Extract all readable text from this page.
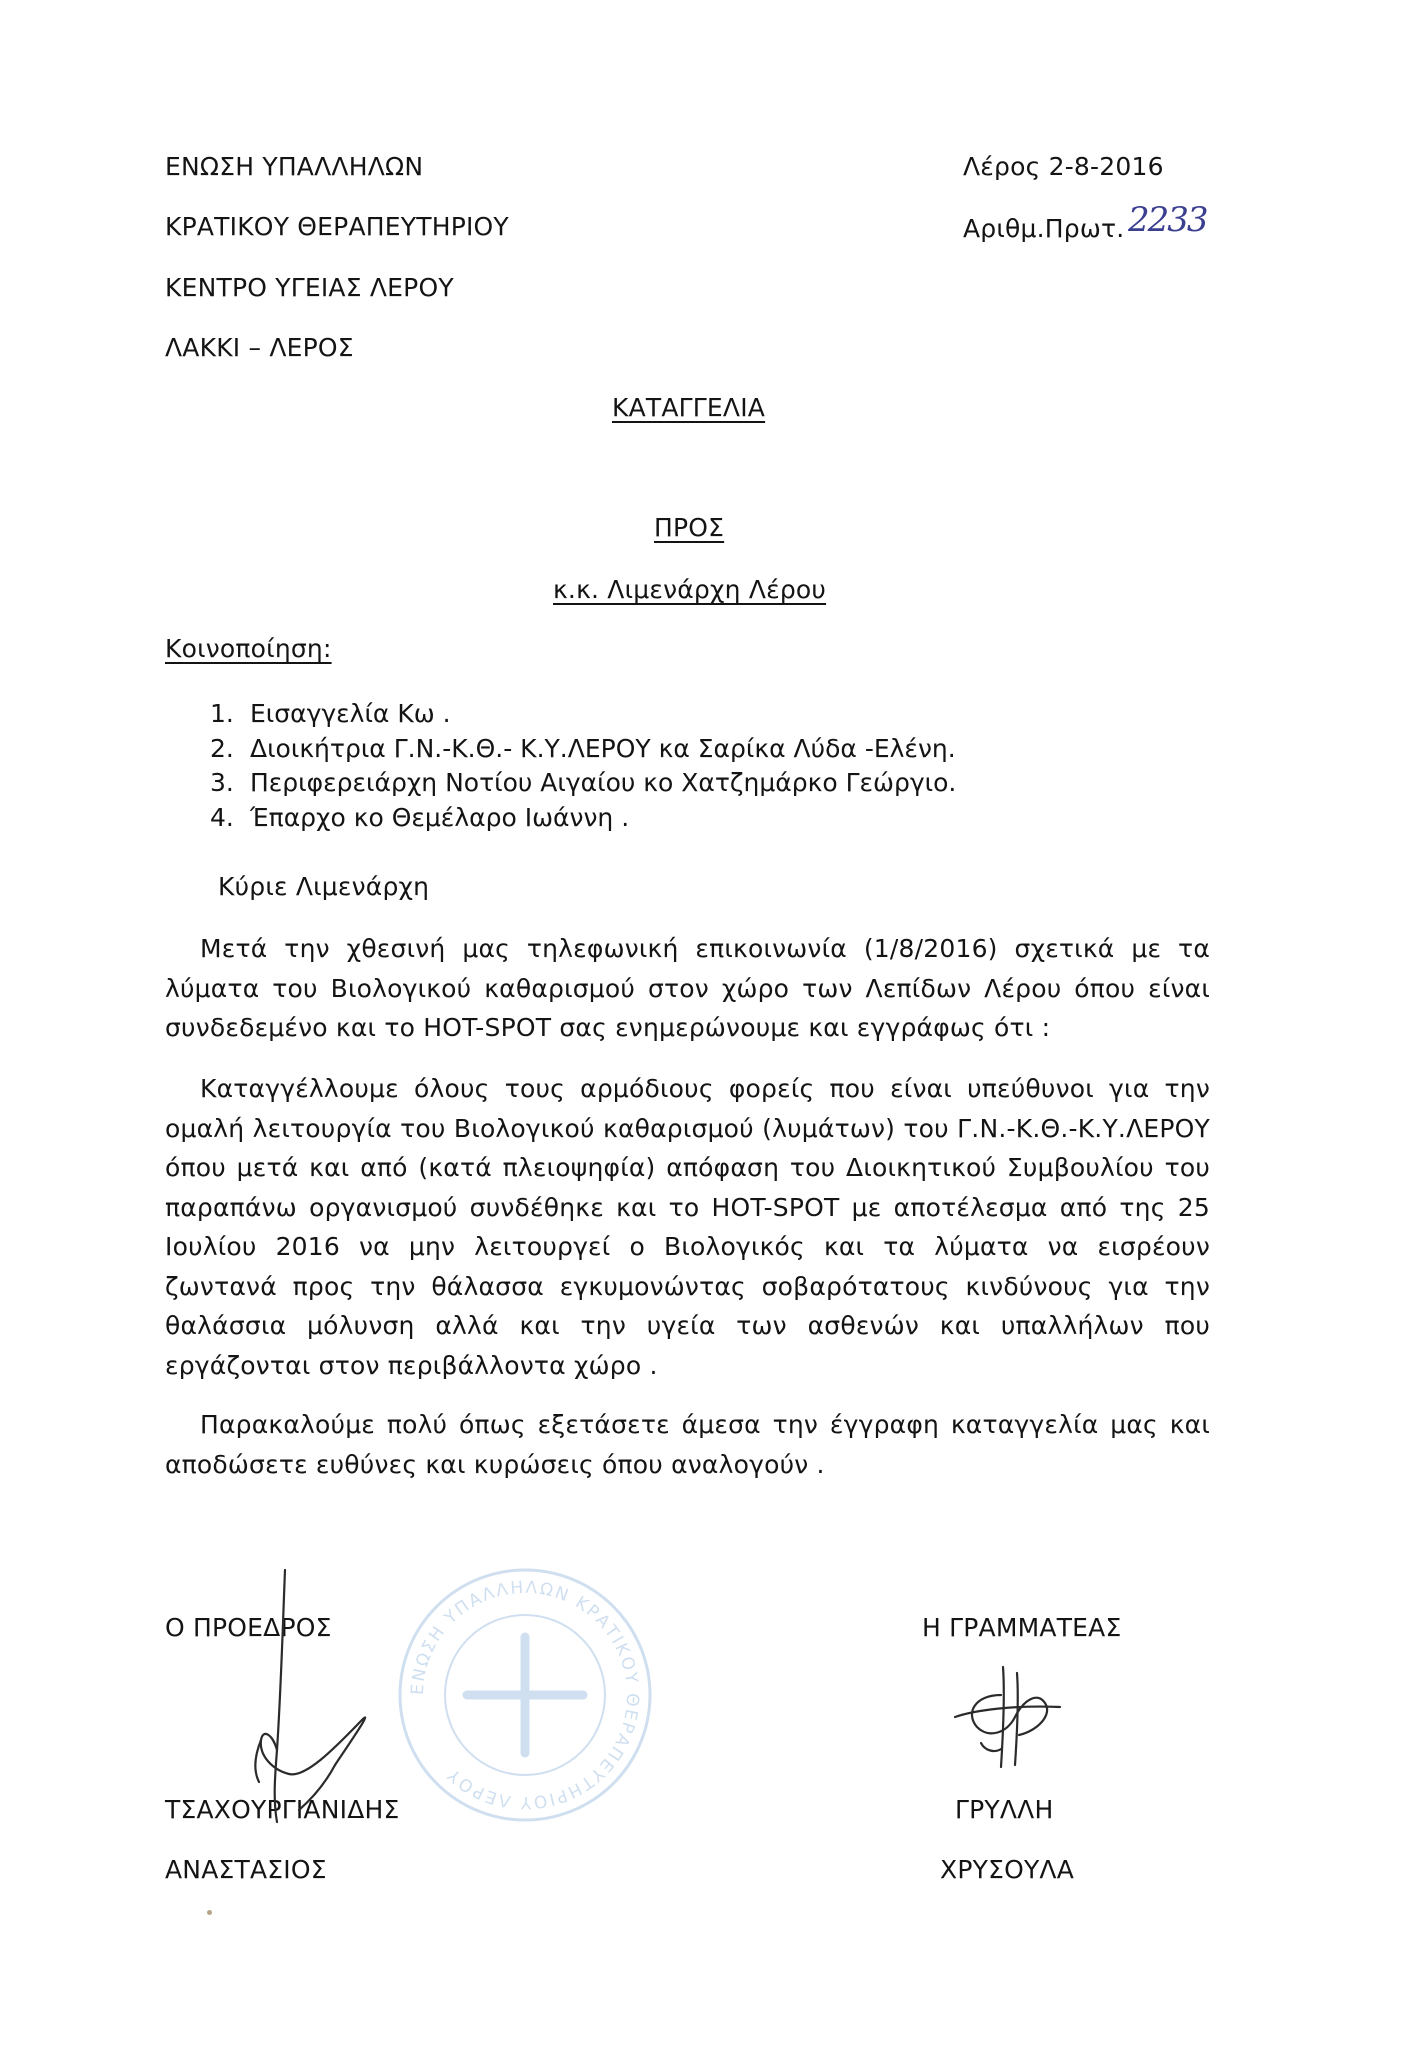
ΕΝΩΣΗ ΥΠΑΛΛΗΛΩΝ
ΚΡΑΤΙΚΟΥ ΘΕΡΑΠΕΥΤΗΡΙΟΥ
ΚΕΝΤΡΟ ΥΓΕΙΑΣ ΛΕΡΟΥ
ΛΑΚΚΙ – ΛΕΡΟΣ
Λέρος 2-8-2016
Αριθμ.Πρωτ. 2233
ΚΑΤΑΓΓΕΛΙΑ
ΠΡΟΣ
κ.κ. Λιμενάρχη Λέρου
Κοινοποίηση:
1. Εισαγγελία Κω .
2. Διοικήτρια Γ.Ν.-Κ.Θ.- Κ.Υ.ΛΕΡΟΥ κα Σαρίκα Λύδα -Ελένη.
3. Περιφερειάρχη Νοτίου Αιγαίου κο Χατζημάρκο Γεώργιο.
4. Έπαρχο κο Θεμέλαρο Ιωάννη .
Κύριε Λιμενάρχη
Μετά την χθεσινή μας τηλεφωνική επικοινωνία (1/8/2016) σχετικά με τα λύματα του Βιολογικού καθαρισμού στον χώρο των Λεπίδων Λέρου όπου είναι συνδεδεμένο και το HOT-SPOT σας ενημερώνουμε και εγγράφως ότι :
Καταγγέλλουμε όλους τους αρμόδιους φορείς που είναι υπεύθυνοι για την ομαλή λειτουργία του Βιολογικού καθαρισμού (λυμάτων) του Γ.Ν.-Κ.Θ.-Κ.Υ.ΛΕΡΟΥ όπου μετά και από (κατά πλειοψηφία) απόφαση του Διοικητικού Συμβουλίου του παραπάνω οργανισμού συνδέθηκε και το HOT-SPOT με αποτέλεσμα από της 25 Ιουλίου 2016 να μην λειτουργεί ο Βιολογικός και τα λύματα να εισρέουν ζωντανά προς την θάλασσα εγκυμονώντας σοβαρότατους κινδύνους για την θαλάσσια μόλυνση αλλά και την υγεία των ασθενών και υπαλλήλων που εργάζονται στον περιβάλλοντα χώρο .
Παρακαλούμε πολύ όπως εξετάσετε άμεσα την έγγραφη καταγγελία μας και αποδώσετε ευθύνες και κυρώσεις όπου αναλογούν .
ΕΝΩΣΗ ΥΠΑΛΛΗΛΩΝ ΚΡΑΤΙΚΟΥ ΘΕΡΑΠΕΥΤΗΡΙΟΥ ΛΕΡΟΥ
Ο ΠΡΟΕΔΡΟΣ
ΤΣΑΧΟΥΡΓΙΑΝΙΔΗΣ
ΑΝΑΣΤΑΣΙΟΣ
Η ΓΡΑΜΜΑΤΕΑΣ
ΓΡΥΛΛΗ
ΧΡΥΣΟΥΛΑ
